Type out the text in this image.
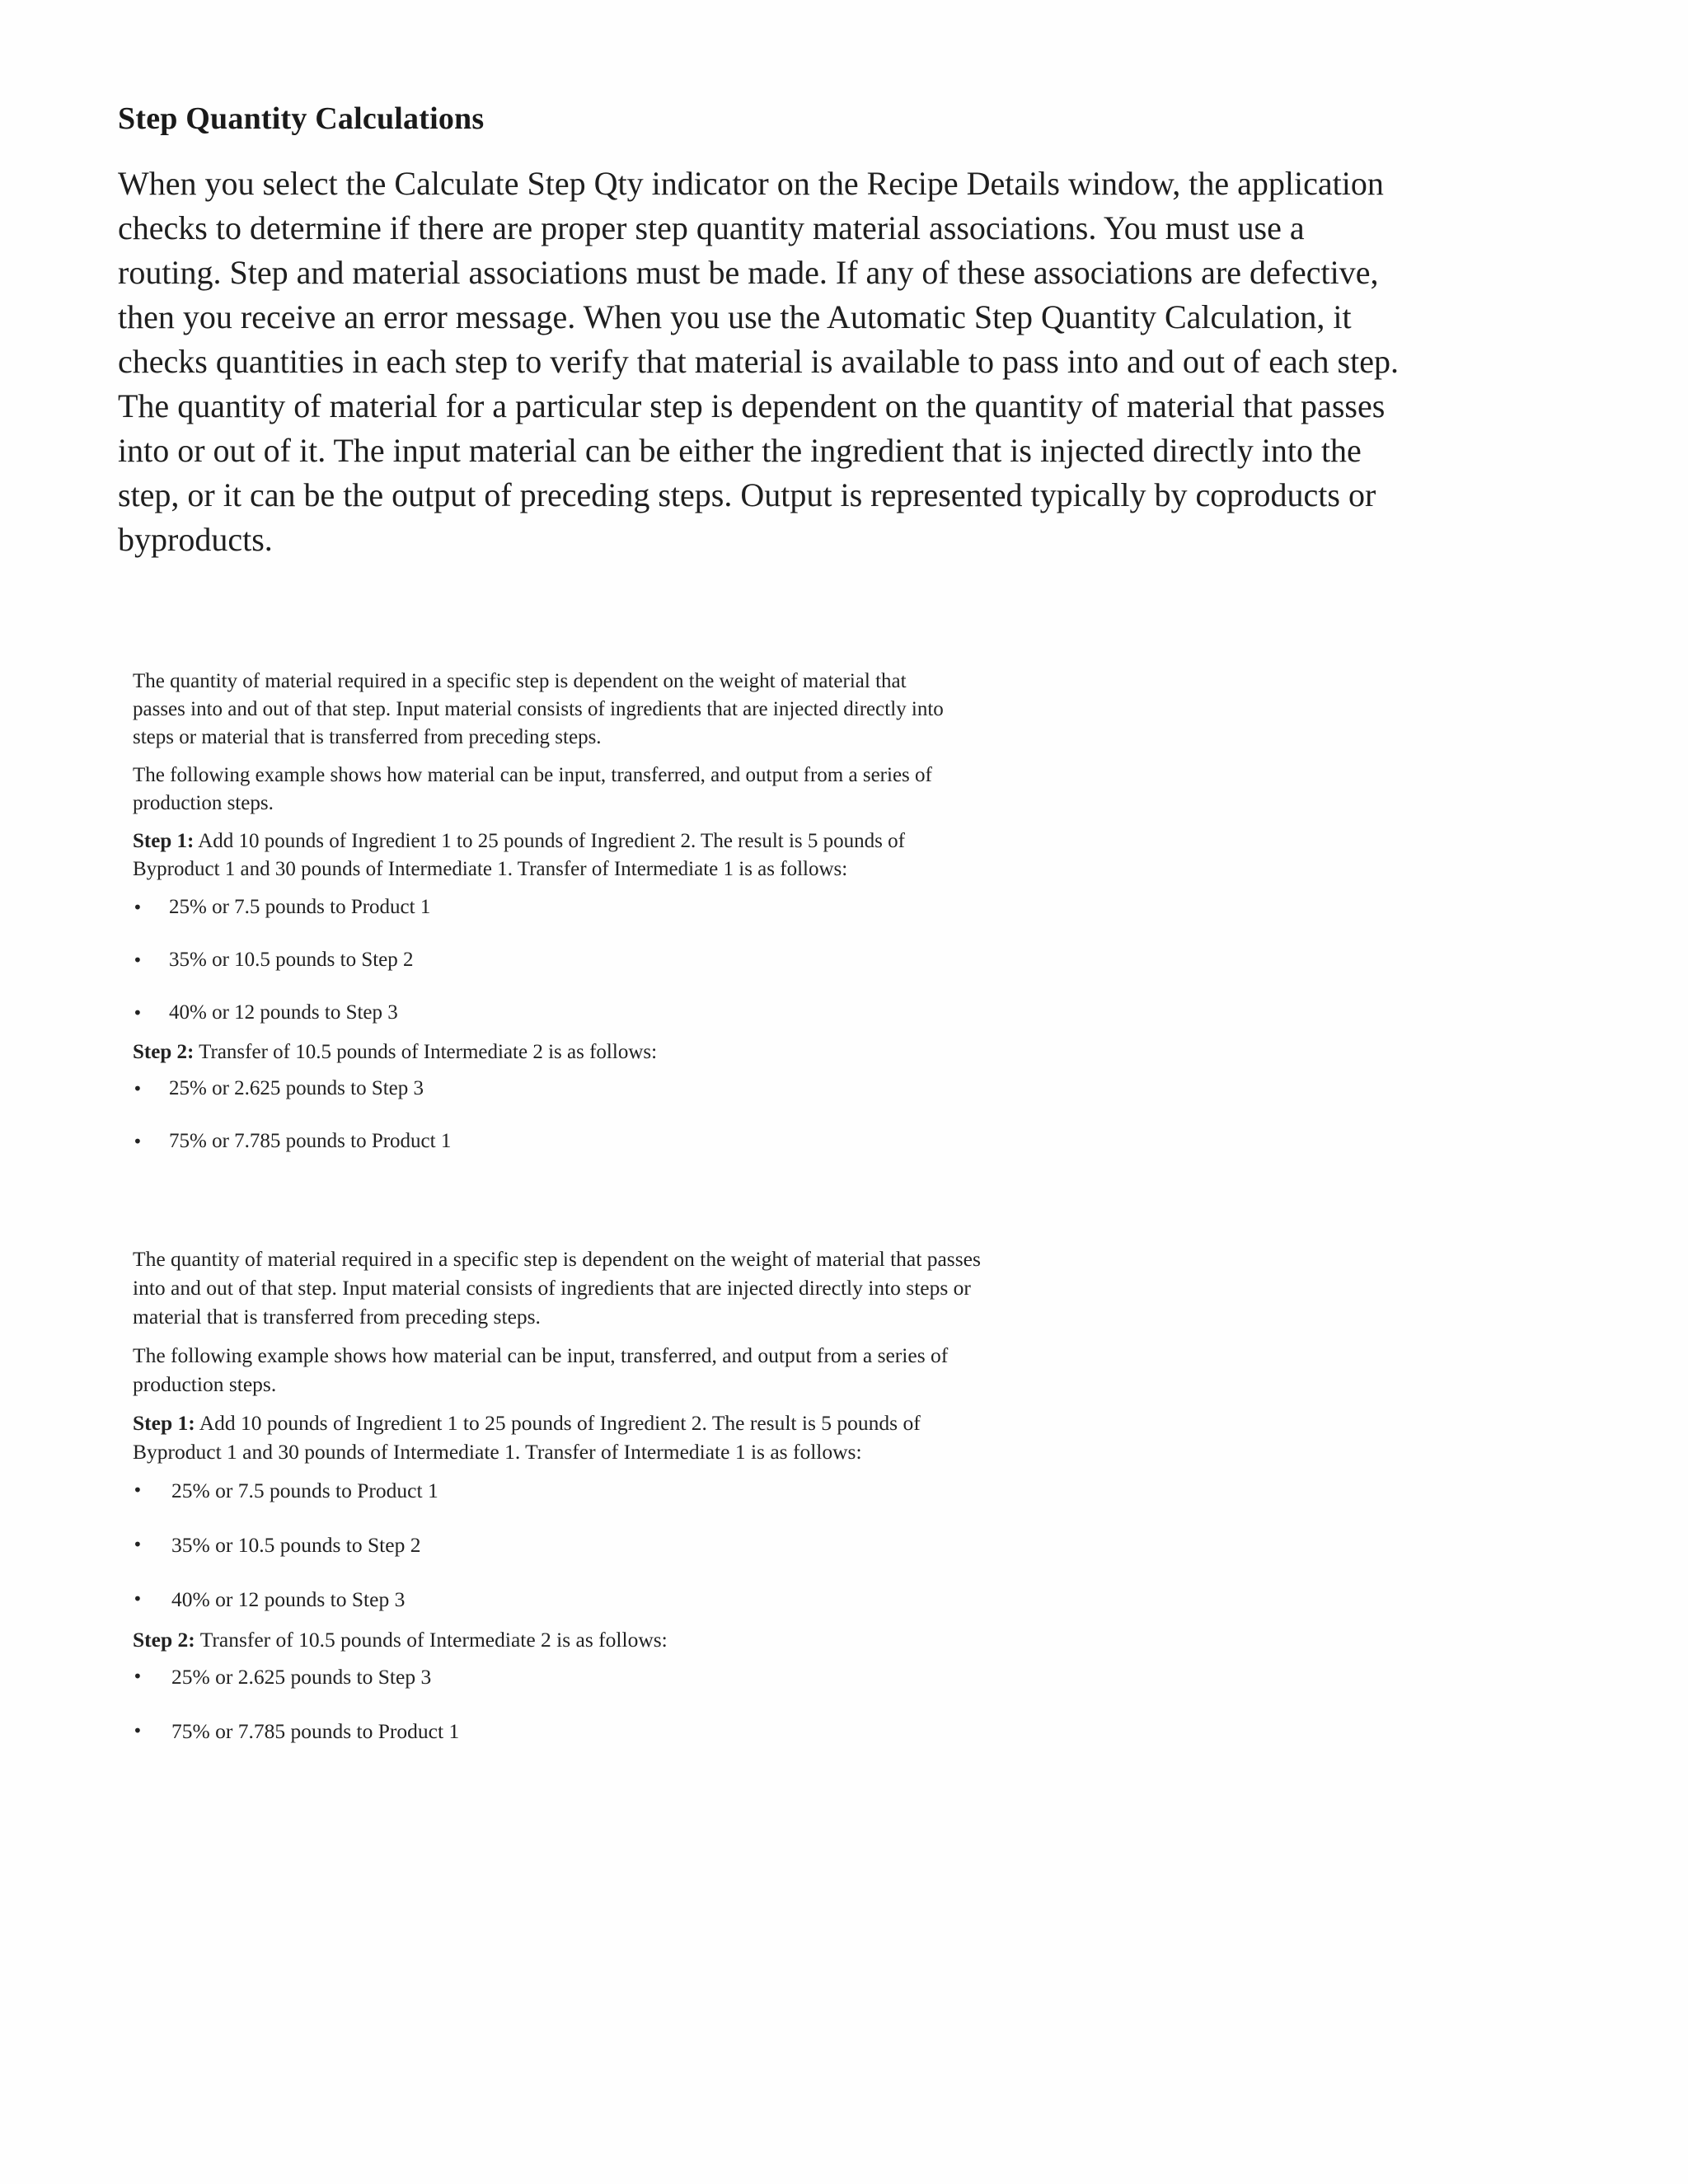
Step Quantity Calculations

When you select the Calculate Step Qty indicator on the Recipe Details window, the application checks to determine if there are proper step quantity material associations. You must use a routing. Step and material associations must be made. If any of these associations are defective, then you receive an error message. When you use the Automatic Step Quantity Calculation, it checks quantities in each step to verify that material is available to pass into and out of each step. The quantity of material for a particular step is dependent on the quantity of material that passes into or out of it. The input material can be either the ingredient that is injected directly into the step, or it can be the output of preceding steps. Output is represented typically by coproducts or byproducts.

The quantity of material required in a specific step is dependent on the weight of material that passes into and out of that step. Input material consists of ingredients that are injected directly into steps or material that is transferred from preceding steps.

The following example shows how material can be input, transferred, and output from a series of production steps.

Step 1: Add 10 pounds of Ingredient 1 to 25 pounds of Ingredient 2. The result is 5 pounds of Byproduct 1 and 30 pounds of Intermediate 1. Transfer of Intermediate 1 is as follows:

• 25% or 7.5 pounds to Product 1
• 35% or 10.5 pounds to Step 2
• 40% or 12 pounds to Step 3

Step 2: Transfer of 10.5 pounds of Intermediate 2 is as follows:

• 25% or 2.625 pounds to Step 3
• 75% or 7.785 pounds to Product 1

The quantity of material required in a specific step is dependent on the weight of material that passes into and out of that step. Input material consists of ingredients that are injected directly into steps or material that is transferred from preceding steps.

The following example shows how material can be input, transferred, and output from a series of production steps.

Step 1: Add 10 pounds of Ingredient 1 to 25 pounds of Ingredient 2. The result is 5 pounds of Byproduct 1 and 30 pounds of Intermediate 1. Transfer of Intermediate 1 is as follows:

• 25% or 7.5 pounds to Product 1
• 35% or 10.5 pounds to Step 2
• 40% or 12 pounds to Step 3

Step 2: Transfer of 10.5 pounds of Intermediate 2 is as follows:

• 25% or 2.625 pounds to Step 3
• 75% or 7.785 pounds to Product 1
